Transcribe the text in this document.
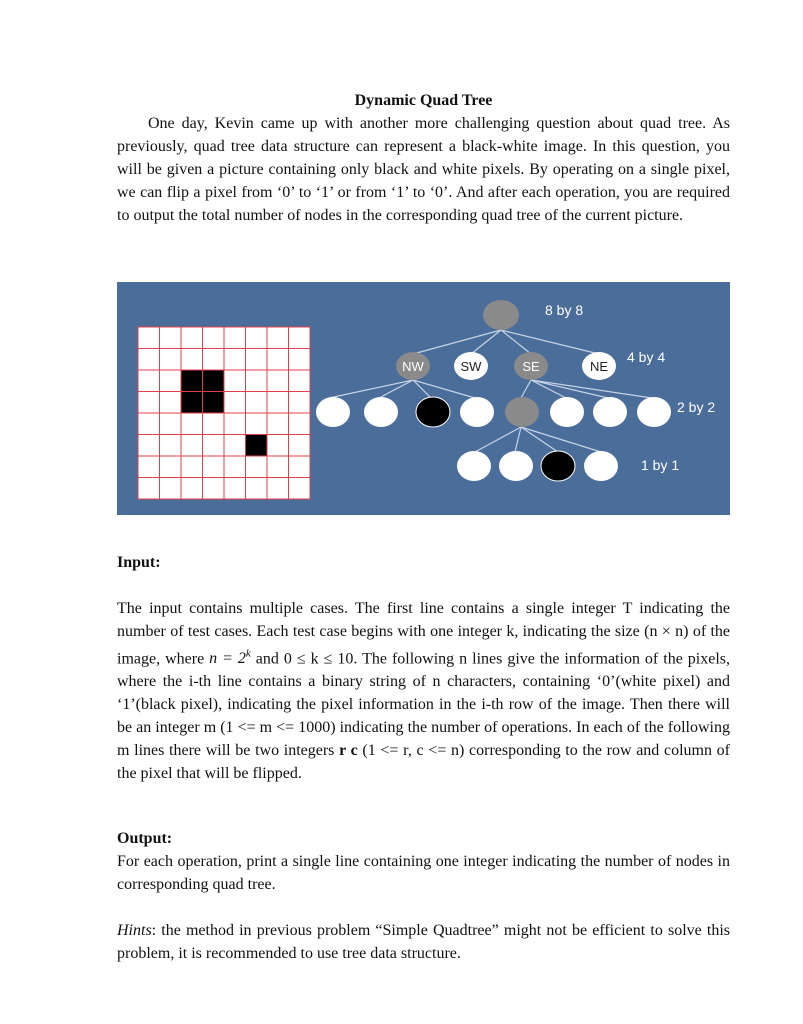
Dynamic Quad Tree

One day, Kevin came up with another more challenging question about quad tree. As previously, quad tree data structure can represent a black-white image. In this question, you will be given a picture containing only black and white pixels. By operating on a single pixel, we can flip a pixel from ‘0’ to ‘1’ or from ‘1’ to ‘0’. And after each operation, you are required to output the total number of nodes in the corresponding quad tree of the current picture.

8 by 8
NW	SW	SE	NE
4 by 4
2 by 2
1 by 1

Input:

The input contains multiple cases. The first line contains a single integer T indicating the number of test cases. Each test case begins with one integer k, indicating the size (n × n) of the image, where $n = 2^k$ and 0 ≤ k ≤ 10. The following n lines give the information of the pixels, where the i-th line contains a binary string of n characters, containing ‘0’(white pixel) and ‘1’(black pixel), indicating the pixel information in the i-th row of the image. Then there will be an integer m (1 <= m <= 1000) indicating the number of operations. In each of the following m lines there will be two integers r c (1 <= r, c <= n) corresponding to the row and column of the pixel that will be flipped.

Output:

For each operation, print a single line containing one integer indicating the number of nodes in corresponding quad tree.

Hints: the method in previous problem “Simple Quadtree” might not be efficient to solve this problem, it is recommended to use tree data structure.
